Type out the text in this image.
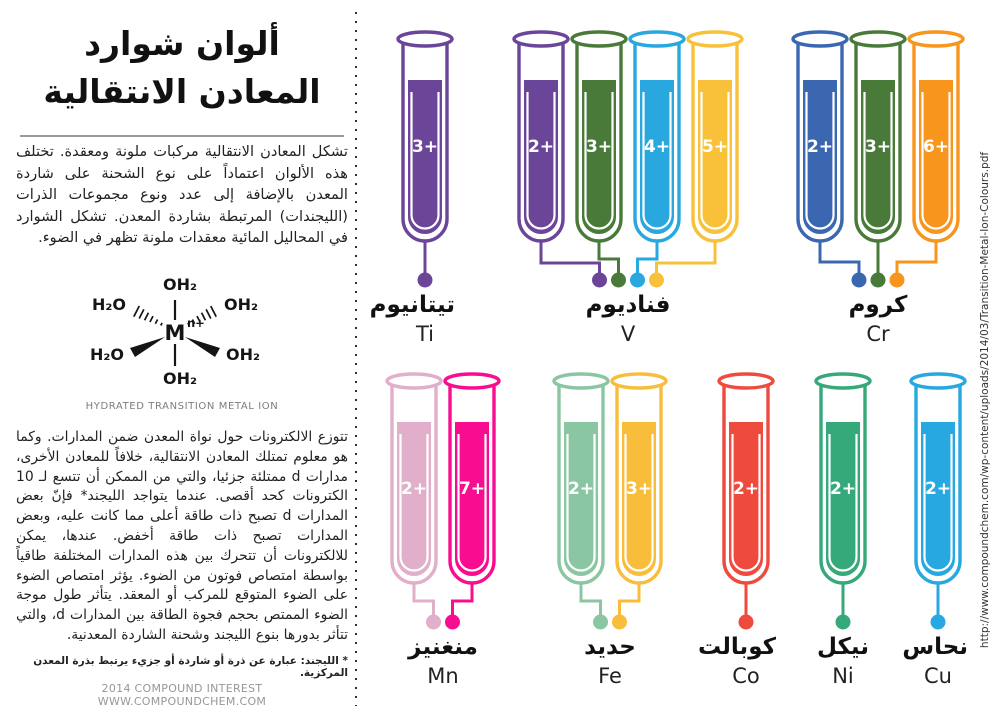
ألوان شوارد
المعادن الانتقالية

تشكل المعادن الانتقالية مركبات ملونة ومعقدة. تختلف هذه الألوان اعتماداً على نوع الشحنة على شاردة المعدن بالإضافة إلى عدد ونوع مجموعات الذرات (الليجندات) المرتبطة بشاردة المعدن. تشكل الشوارد في المحاليل المائية معقدات ملونة تظهر في الضوء.

OH₂
OH₂
OH₂
H₂O
OH₂
H₂O
M n+
HYDRATED TRANSITION METAL ION

تتوزع الالكترونات حول نواة المعدن ضمن المدارات. وكما هو معلوم تمتلك المعادن الانتقالية، خلافاً للمعادن الأخرى، مدارات d ممتلئة جزئيا، والتي من الممكن أن تتسع لـ 10 الكترونات كحد أقصى. عندما يتواجد الليجند* فإنّ بعض المدارات d تصبح ذات طاقة أعلى مما كانت عليه، وبعض المدارات تصبح ذات طاقة أخفض. عندها، يمكن للالكترونات أن تتحرك بين هذه المدارات المختلفة طاقياً بواسطة امتصاص فوتون من الضوء. يؤثر امتصاص الضوء على الضوء المتوقع للمركب أو المعقد. يتأثر طول موجة الضوء الممتص بحجم فجوة الطاقة بين المدارات d، والتي تتأثر بدورها بنوع الليجند وشحنة الشاردة المعدنية.

* الليجند: عبارة عن ذرة أو شاردة أو جزيء يرتبط بذرة المعدن المركزية.

2014 COMPOUND INTEREST WWW.COMPOUNDCHEM.COM
3+
تيتانيوم
Ti
2+ 3+ 4+ 5+
فناديوم
V
2+ 3+ 6+
كروم
Cr
2+ 7+
منغنيز
Mn
2+ 3+
حديد
Fe
2+
كوبالت
Co
2+
نيكل
Ni
2+
نحاس
Cu
http://www.compoundchem.com/wp-content/uploads/2014/03/Transition-Metal-Ion-Colours.pdf
